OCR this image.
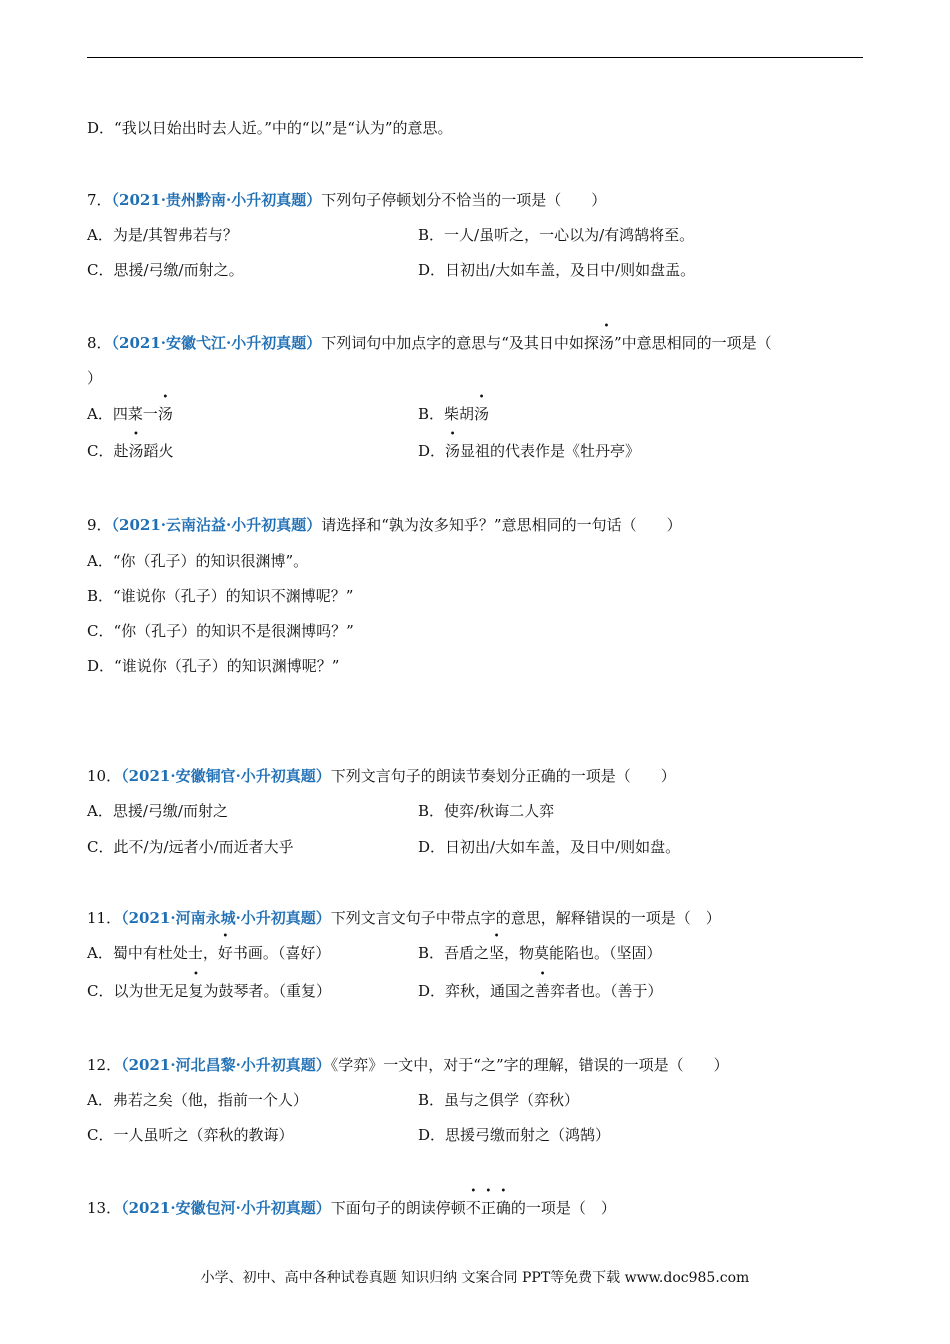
D．“我以日始出时去人近。”中的“以”是“认为”的意思。
7．（2021·贵州黔南·小升初真题）下列句子停顿划分不恰当的一项是（　　）
A．为是/其智弗若与？	B．一人/虽听之，一心以为/有鸿鹄将至。
C．思援/弓缴/而射之。	D．日初出/大如车盖，及日中/则如盘盂。
8．（2021·安徽弋江·小升初真题）下列词句中加点字的意思与“及其日中如探汤”中意思相同的一项是（
）
A．四菜一汤	B．柴胡汤
C．赴汤蹈火	D．汤显祖的代表作是《牡丹亭》
9．（2021·云南沾益·小升初真题）请选择和“孰为汝多知乎？”意思相同的一句话（　　）
A．“你（孔子）的知识很渊博”。
B．“谁说你（孔子）的知识不渊博呢？”
C．“你（孔子）的知识不是很渊博吗？”
D．“谁说你（孔子）的知识渊博呢？”
10．（2021·安徽铜官·小升初真题）下列文言句子的朗读节奏划分正确的一项是（　　）
A．思援/弓缴/而射之	B．使弈/秋诲二人弈
C．此不/为/远者小/而近者大乎	D．日初出/大如车盖，及日中/则如盘。
11．（2021·河南永城·小升初真题）下列文言文句子中带点字的意思，解释错误的一项是（　）
A．蜀中有杜处士，好书画。（喜好）	B．吾盾之坚，物莫能陷也。（坚固）
C．以为世无足复为鼓琴者。（重复）	D．弈秋，通国之善弈者也。（善于）
12．（2021·河北昌黎·小升初真题）《学弈》一文中，对于“之”字的理解，错误的一项是（　　）
A．弗若之矣（他，指前一个人）	B．虽与之俱学（弈秋）
C．一人虽听之（弈秋的教诲）	D．思援弓缴而射之（鸿鹄）
13．（2021·安徽包河·小升初真题）下面句子的朗读停顿不正确的一项是（　）
小学、初中、高中各种试卷真题 知识归纳 文案合同 PPT等免费下载 www.doc985.com
